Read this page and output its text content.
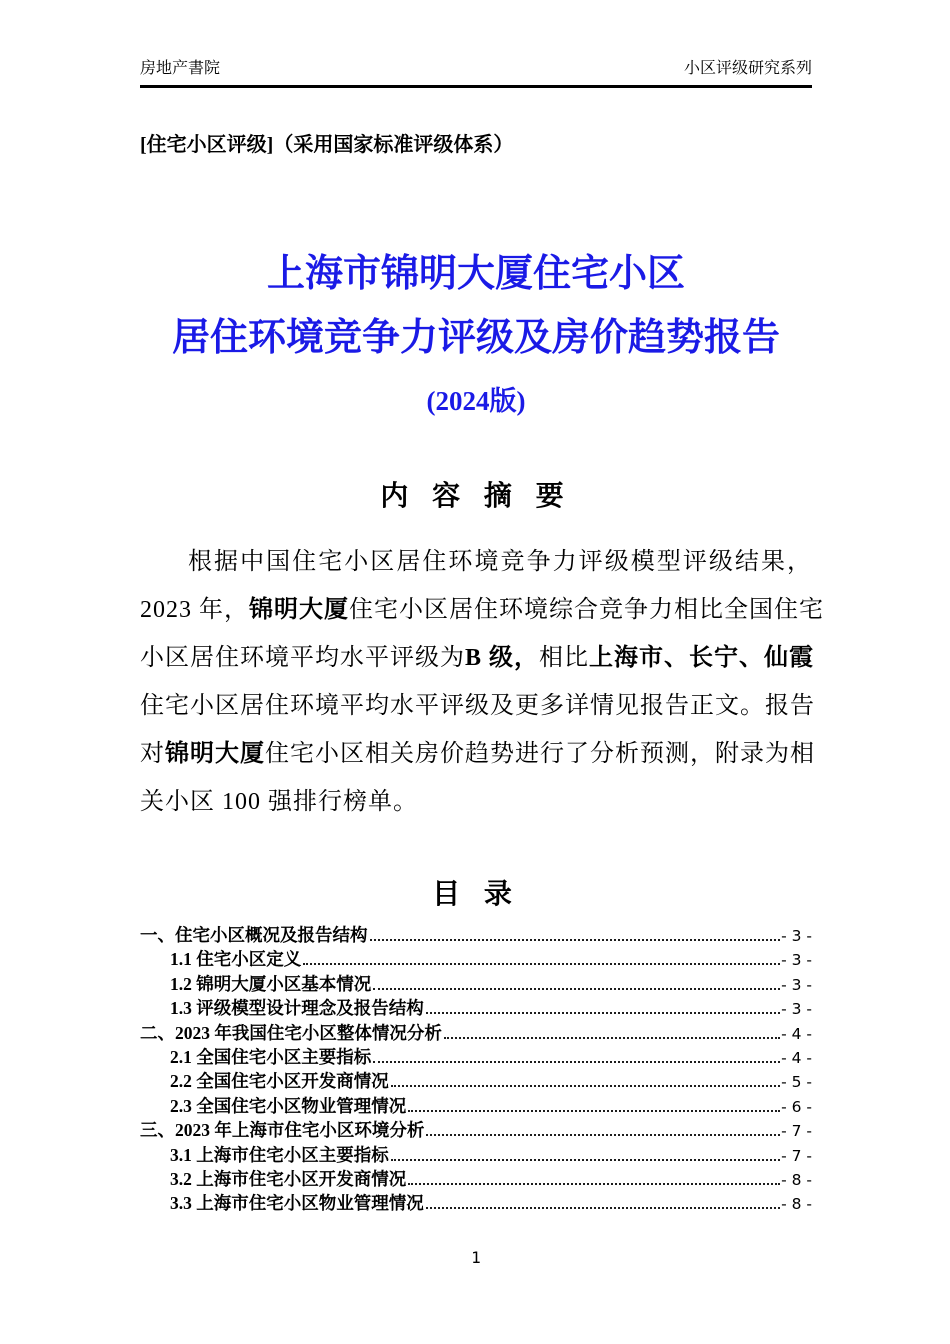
房地产書院	小区评级研究系列
[住宅小区评级]（采用国家标准评级体系）
上海市锦明大厦住宅小区
居住环境竞争力评级及房价趋势报告
(2024版)
内 容 摘 要
根据中国住宅小区居住环境竞争力评级模型评级结果，
2023 年，锦明大厦住宅小区居住环境综合竞争力相比全国住宅
小区居住环境平均水平评级为B 级，相比上海市、长宁、仙霞
住宅小区居住环境平均水平评级及更多详情见报告正文。报告
对锦明大厦住宅小区相关房价趋势进行了分析预测，附录为相
关小区 100 强排行榜单。
目 录
一、住宅小区概况及报告结构	- 3 -
1.1 住宅小区定义	- 3 -
1.2 锦明大厦小区基本情况	- 3 -
1.3 评级模型设计理念及报告结构	- 3 -
二、2023 年我国住宅小区整体情况分析	- 4 -
2.1 全国住宅小区主要指标	- 4 -
2.2 全国住宅小区开发商情况	- 5 -
2.3 全国住宅小区物业管理情况	- 6 -
三、2023 年上海市住宅小区环境分析	- 7 -
3.1 上海市住宅小区主要指标	- 7 -
3.2 上海市住宅小区开发商情况	- 8 -
3.3 上海市住宅小区物业管理情况	- 8 -
1
